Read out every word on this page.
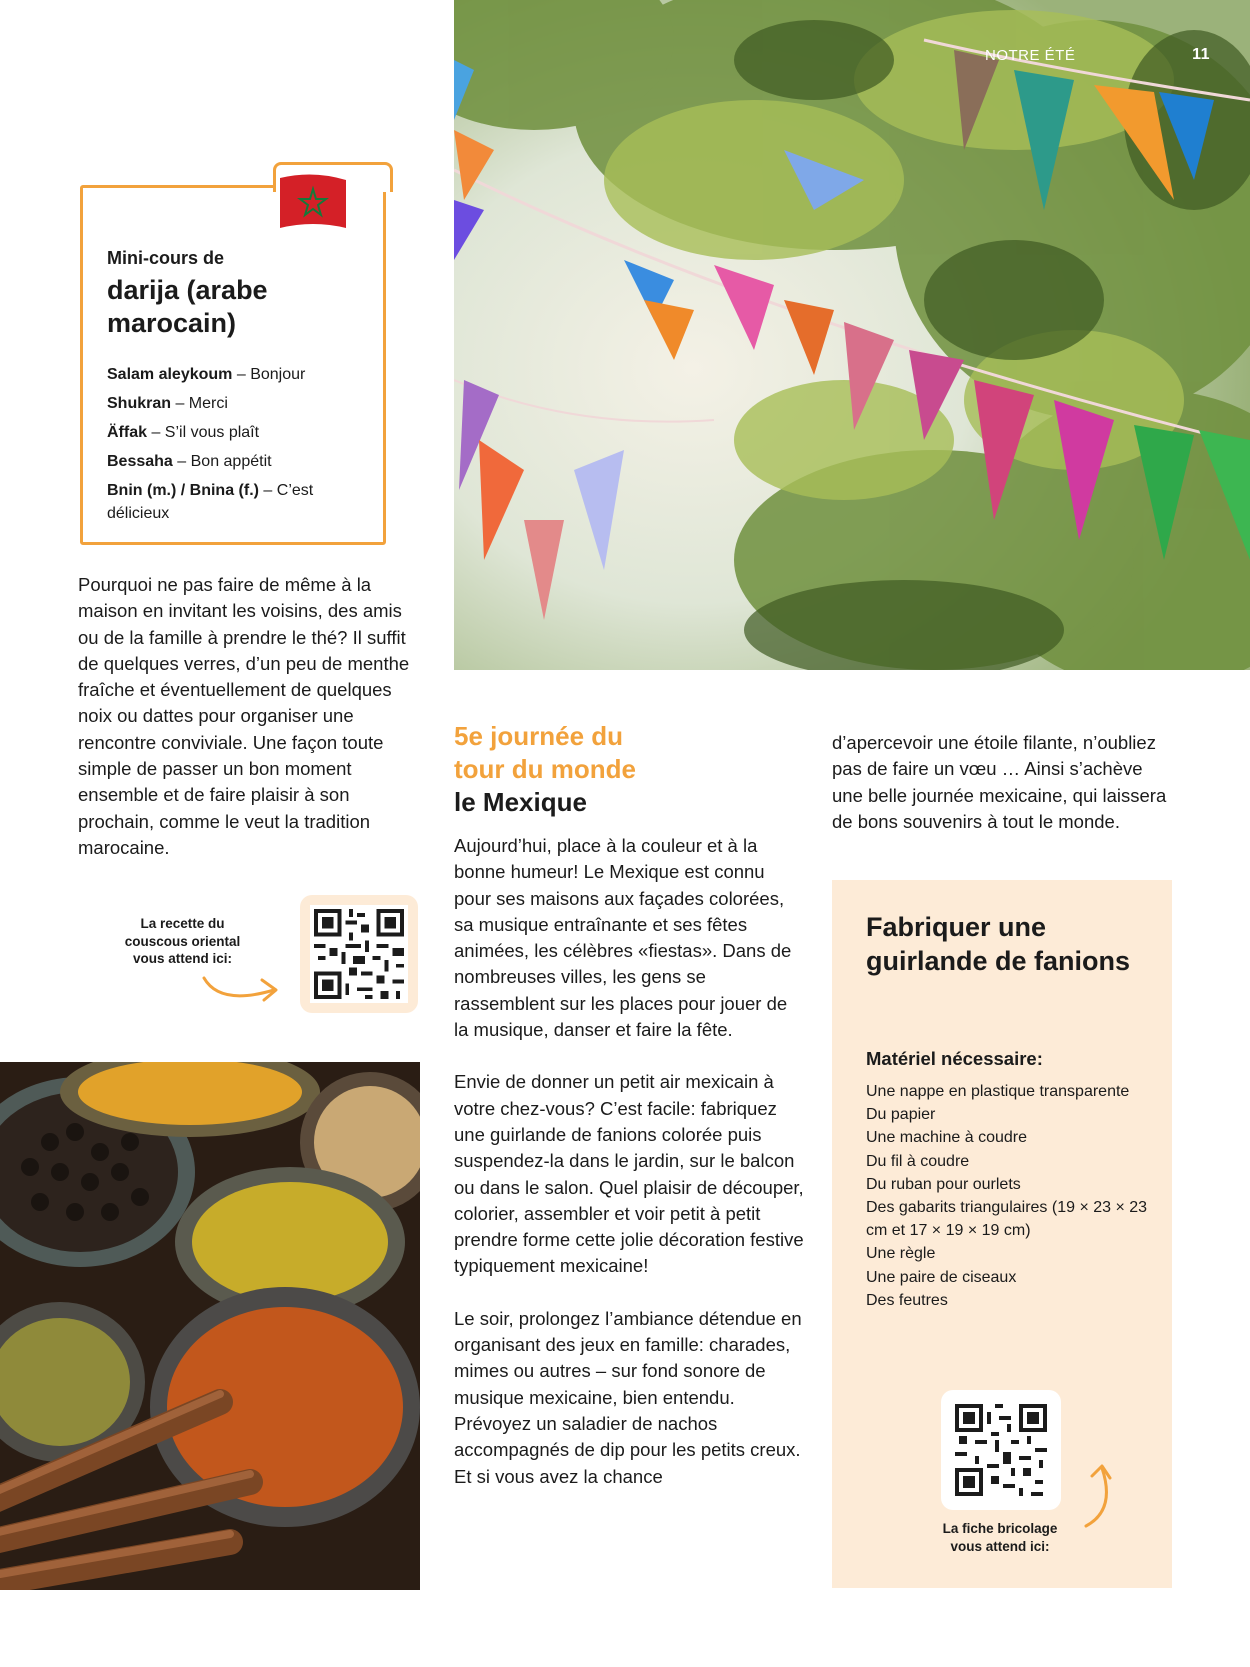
NOTRE ÉTÉ	11
Mini-cours de
darija (arabe marocain)
Salam aleykoum – Bonjour
Shukran – Merci
Äffak – S’il vous plaît
Bessaha – Bon appétit
Bnin (m.) / Bnina (f.) – C’est délicieux
Pourquoi ne pas faire de même à la maison en invitant les voisins, des amis ou de la famille à prendre le thé? Il suffit de quelques verres, d’un peu de menthe fraîche et éventuellement de quelques noix ou dattes pour organiser une rencontre conviviale. Une façon toute simple de passer un bon moment ensemble et de faire plaisir à son prochain, comme le veut la tradition marocaine.
La recette du couscous oriental vous attend ici:
5e journée du
tour du monde
le Mexique

Aujourd’hui, place à la couleur et à la bonne humeur! Le Mexique est connu pour ses maisons aux façades colorées, sa musique entraînante et ses fêtes animées, les célèbres «fiestas». Dans de nombreuses villes, les gens se rassemblent sur les places pour jouer de la musique, danser et faire la fête.

Envie de donner un petit air mexicain à votre chez-vous? C’est facile: fabriquez une guirlande de fanions colorée puis suspendez-la dans le jardin, sur le balcon ou dans le salon. Quel plaisir de découper, colorier, assembler et voir petit à petit prendre forme cette jolie décoration festive typiquement mexicaine!

Le soir, prolongez l’ambiance détendue en organisant des jeux en famille: charades, mimes ou autres – sur fond sonore de musique mexicaine, bien entendu. Prévoyez un saladier de nachos accompagnés de dip pour les petits creux. Et si vous avez la chance

d’apercevoir une étoile filante, n’oubliez pas de faire un vœu … Ainsi s’achève une belle journée mexicaine, qui laissera de bons souvenirs à tout le monde.
Fabriquer une guirlande de fanions
Matériel nécessaire:
Une nappe en plastique transparente
Du papier
Une machine à coudre
Du fil à coudre
Du ruban pour ourlets
Des gabarits triangulaires (19 × 23 × 23 cm et 17 × 19 × 19 cm)
Une règle
Une paire de ciseaux
Des feutres
La fiche bricolage vous attend ici:
